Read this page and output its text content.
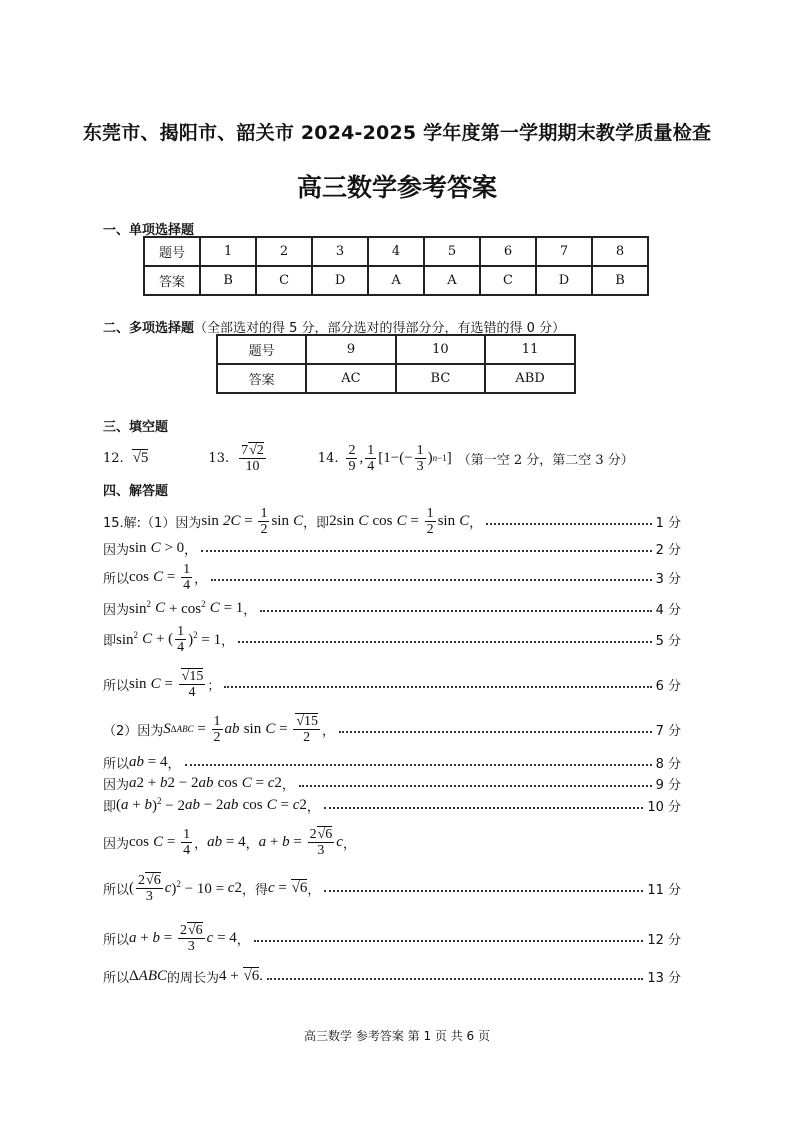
东莞市、揭阳市、韶关市 2024-2025 学年度第一学期期末教学质量检查
高三数学参考答案
一、单项选择题
题号	1	2	3	4	5	6	7	8
答案	B	C	D	A	A	C	D	B
二、多项选择题（全部选对的得 5 分，部分选对的得部分分，有选错的得 0 分）
题号	9	10	11
答案	AC	BC	ABD
三、填空题
12.	√ 5	13. $\frac{7 √ 2}{10}$	14. $\frac{2}{9}$ , $\frac{1}{4} [1-(- \frac{1}{3}$ ) n−1 ] （第一空 2 分，第二空 3 分）
四、解答题
15.解:（1）因为 sin
$2C = \frac{1}{2}$ sin
C ，即 2sin
C
cos
$C = \frac{1}{2}$ sin
C ，	1 分
因为 sin
C > 0 ，	2 分
所以 cos
$C = \frac{1}{4}$ ，	3 分
因为 $\sin^2$
$C + \cos^2$
C = 1 ，	4 分
即 $\sin^2$
C + ( $\frac{1}{4} )^2 = 1$ ，	5 分
所以 sin
C = √ $\frac{15}{4}$ ；	6 分
（2）因为 S $\Delta ABC = \frac{1}{2}$ ab
sin
C = √ $\frac{15}{2}$ ，	7 分
所以 ab = 4 ，	8 分
因为 a 2 + b 2 − 2 ab
cos
C = c 2 ，	9 分
即 ( a + b )$^2$ − 2 ab − 2 ab
cos
C = c 2 ，	10 分
因为 cos
$C = \frac{1}{4}$ ， ab = 4 ， $a + b = \frac{2 √ 6}{3}$ c ，
所以 ( $\frac{2 √ 6}{3}$ c )$^2$ − 10 = c 2 ，得 c = √ 6 ，	11 分
所以 $a + b = \frac{2 √ 6}{3}$ c = 4 ，	12 分
所以 Δ ABC 的周长为 4 + √ 6.	13 分
高三数学 参考答案 第 1 页 共 6 页
